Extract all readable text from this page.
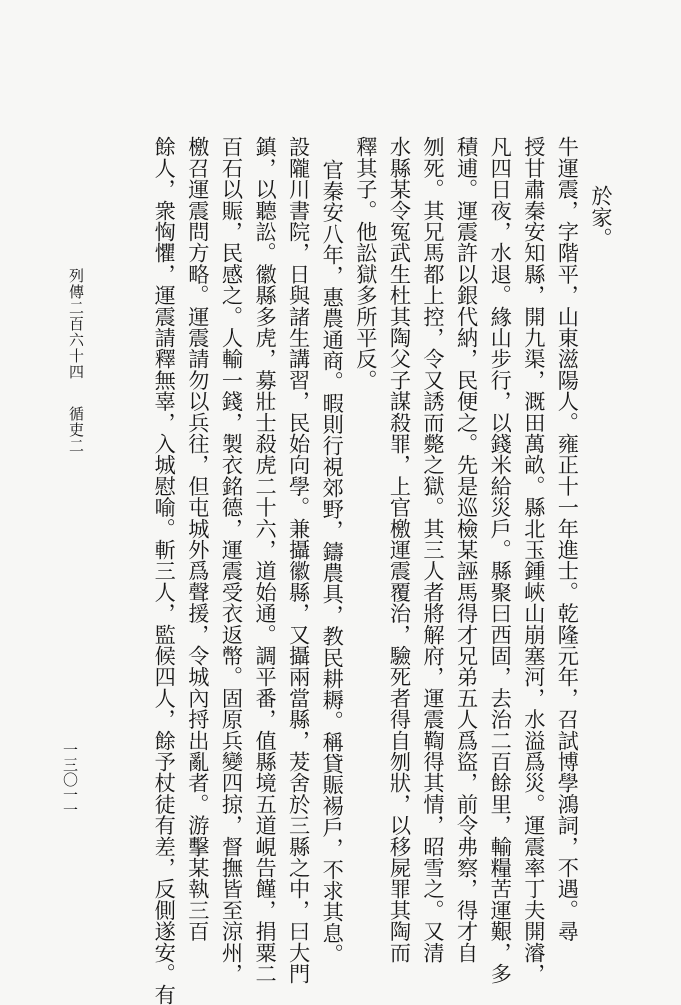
列傳二百六十四循吏二
於家。
牛運震，字階平，山東滋陽人。雍正十一年進士。乾隆元年，召試博學鴻詞，不遇。尋
授甘肅秦安知縣，開九渠，溉田萬畝。縣北玉鍾峽山崩塞河，水溢爲災。運震率丁夫開濬，
凡四日夜，水退。緣山步行，以錢米給災戶。縣聚曰西固，去治二百餘里，輸糧苦運艱，多
積逋。運震許以銀代納，民便之。先是巡檢某誣馬得才兄弟五人爲盜，前令弗察，得才自
刎死。其兄馬都上控，令又誘而斃之獄。其三人者將解府，運震鞫得其情，昭雪之。又清
水縣某令冤武生杜其陶父子謀殺罪，上官檄運震覆治，驗死者得自刎狀，以移屍罪其陶而
釋其子。他訟獄多所平反。
官秦安八年，惠農通商。暇則行視郊野，鑄農具，教民耕耨。稱貸賑裼戶，不求其息。
設隴川書院，日與諸生講習，民始向學。兼攝徽縣，又攝兩當縣，茇舍於三縣之中，曰大門
鎮，以聽訟。徽縣多虎，募壯士殺虎二十六，道始通。調平番，值縣境五道峴告饉，捐粟二
百石以賑，民感之。人輸一錢，製衣銘德，運震受衣返幣。固原兵變四掠，督撫皆至涼州，
檄召運震問方略。運震請勿以兵往，但屯城外爲聲援，令城內捋出亂者。游擊某執三百
餘人，衆恟懼，運震請釋無辜，入城慰喻。斬三人，監候四人，餘予杖徒有差，反側遂安。有
一三〇一一
